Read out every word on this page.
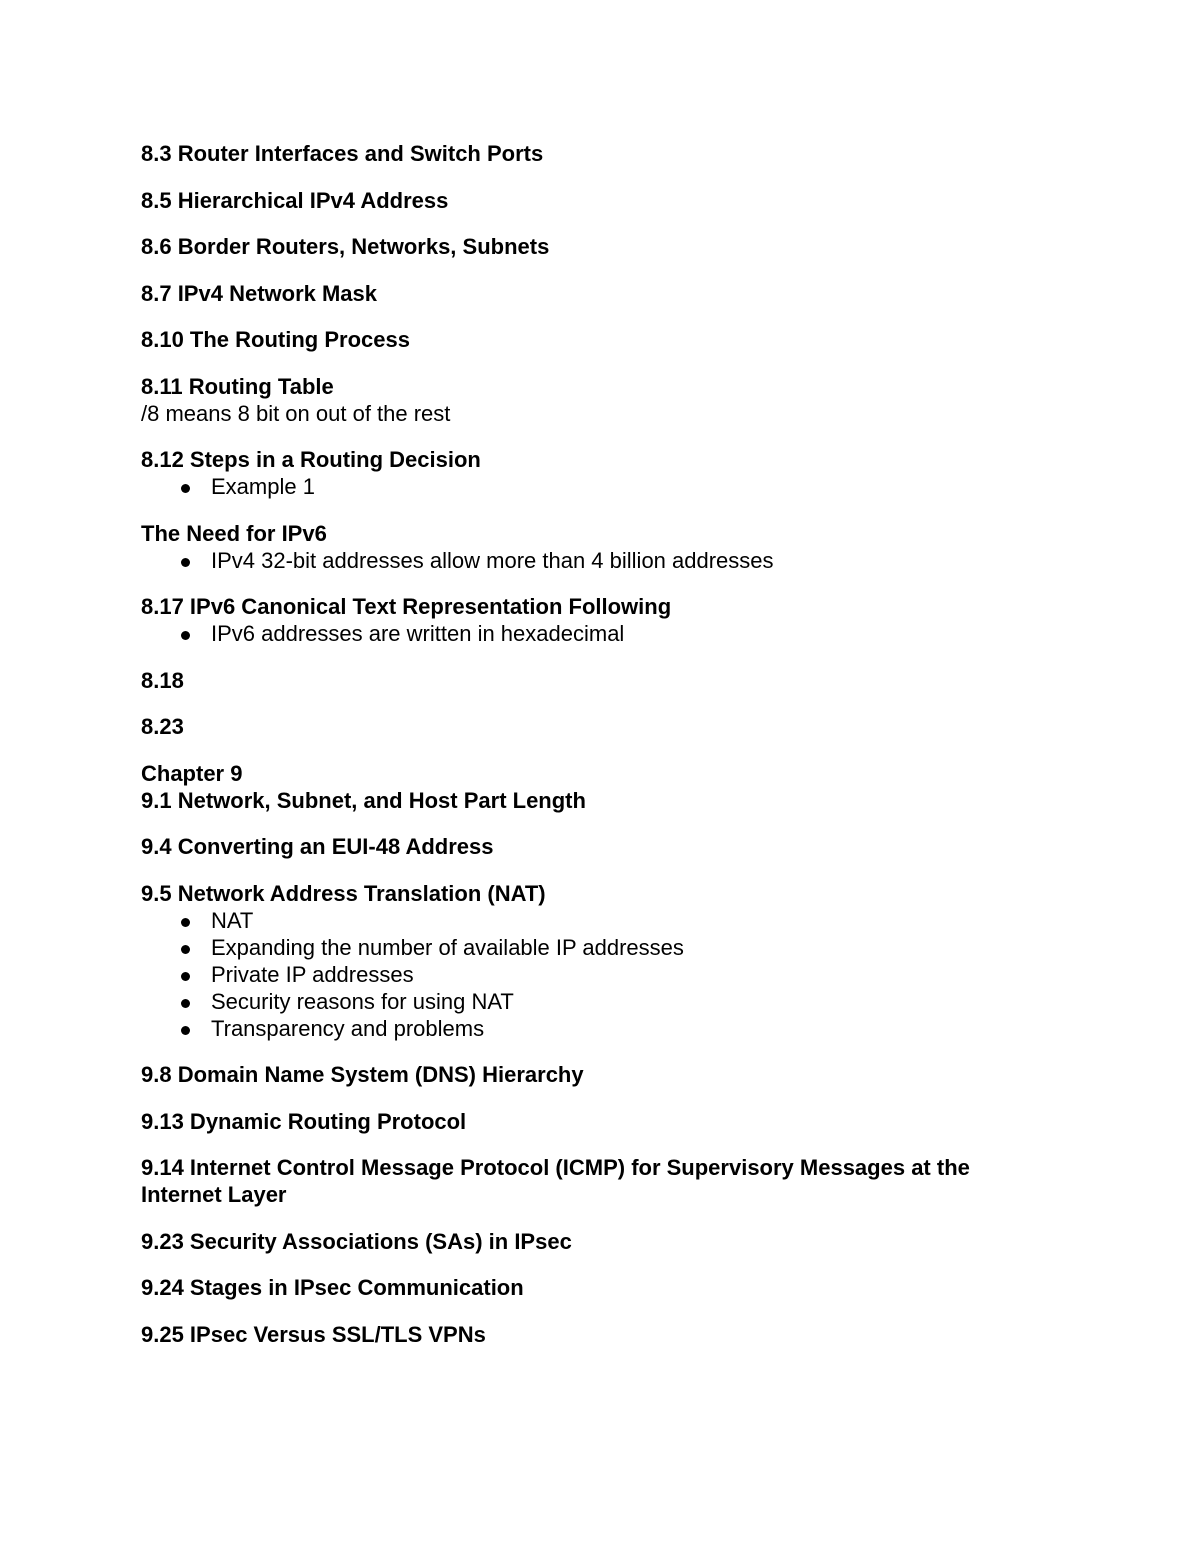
8.3 Router Interfaces and Switch Ports

8.5 Hierarchical IPv4 Address

8.6 Border Routers, Networks, Subnets

8.7 IPv4 Network Mask

8.10 The Routing Process

8.11 Routing Table

/8 means 8 bit on out of the rest

8.12 Steps in a Routing Decision

Example 1

The Need for IPv6

IPv4 32-bit addresses allow more than 4 billion addresses

8.17 IPv6 Canonical Text Representation Following

IPv6 addresses are written in hexadecimal

8.18

8.23

Chapter 9

9.1 Network, Subnet, and Host Part Length

9.4 Converting an EUI-48 Address

9.5 Network Address Translation (NAT)

NAT
Expanding the number of available IP addresses
Private IP addresses
Security reasons for using NAT
Transparency and problems

9.8 Domain Name System (DNS) Hierarchy

9.13 Dynamic Routing Protocol

9.14 Internet Control Message Protocol (ICMP) for Supervisory Messages at the
Internet Layer

9.23 Security Associations (SAs) in IPsec

9.24 Stages in IPsec Communication

9.25 IPsec Versus SSL/TLS VPNs
